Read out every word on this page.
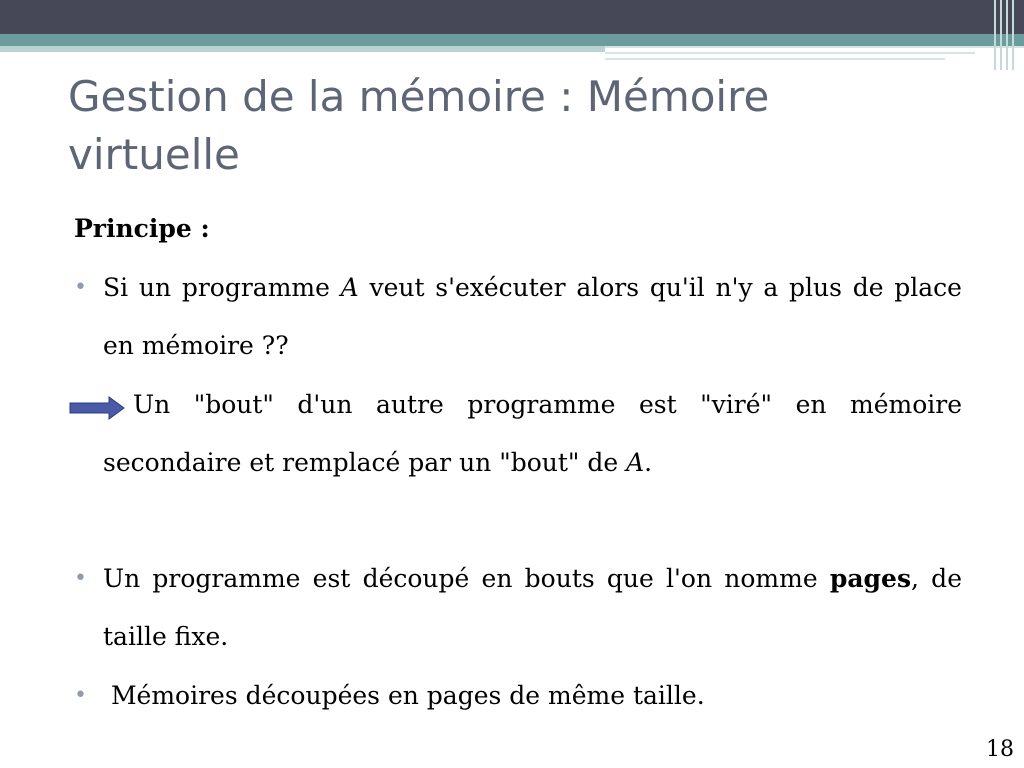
Gestion de la mémoire : Mémoire virtuelle
Principe :
• Si un programme A veut s'exécuter alors qu'il n'y a plus de place en mémoire ??
Un "bout" d'un autre programme est "viré" en mémoire secondaire et remplacé par un "bout" de A.
• Un programme est découpé en bouts que l'on nomme pages, de taille fixe.
• Mémoires découpées en pages de même taille.
18
